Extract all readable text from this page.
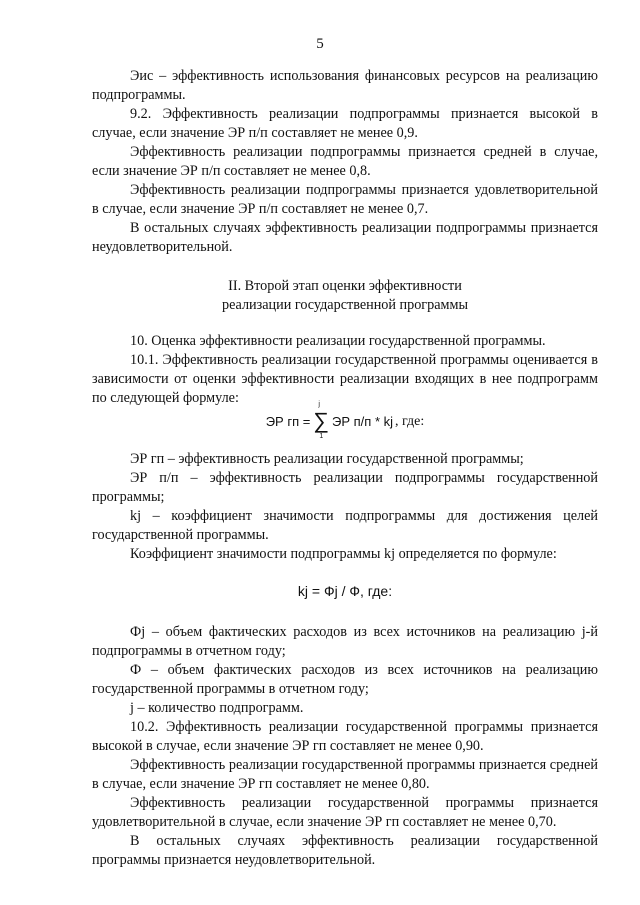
5

Эис – эффективность использования финансовых ресурсов на реализацию подпрограммы.

9.2. Эффективность реализации подпрограммы признается высокой в случае, если значение ЭР п/п составляет не менее 0,9.

Эффективность реализации подпрограммы признается средней в случае, если значение ЭР п/п составляет не менее 0,8.

Эффективность реализации подпрограммы признается удовлетворительной в случае, если значение ЭР п/п составляет не менее 0,7.

В остальных случаях эффективность реализации подпрограммы признается неудовлетворительной.

II. Второй этап оценки эффективности

реализации государственной программы

10. Оценка эффективности реализации государственной программы.

10.1. Эффективность реализации государственной программы оценивается в зависимости от оценки эффективности реализации входящих в нее подпрограмм по следующей формуле:

ЭР гп = ∑
j
1
ЭР п/п * kj , где:

ЭР гп – эффективность реализации государственной программы;

ЭР п/п – эффективность реализации подпрограммы государственной программы;

kj – коэффициент значимости подпрограммы для достижения целей государственной программы.

Коэффициент значимости подпрограммы kj определяется по формуле:

kj = Фj / Ф, где:

Фj – объем фактических расходов из всех источников на реализацию j-й подпрограммы в отчетном году;

Ф – объем фактических расходов из всех источников на реализацию государственной программы в отчетном году;

j – количество подпрограмм.

10.2. Эффективность реализации государственной программы признается высокой в случае, если значение ЭР гп составляет не менее 0,90.

Эффективность реализации государственной программы признается средней в случае, если значение ЭР гп составляет не менее 0,80.

Эффективность реализации государственной программы признается удовлетворительной в случае, если значение ЭР гп составляет не менее 0,70.

В остальных случаях эффективность реализации государственной программы признается неудовлетворительной.
